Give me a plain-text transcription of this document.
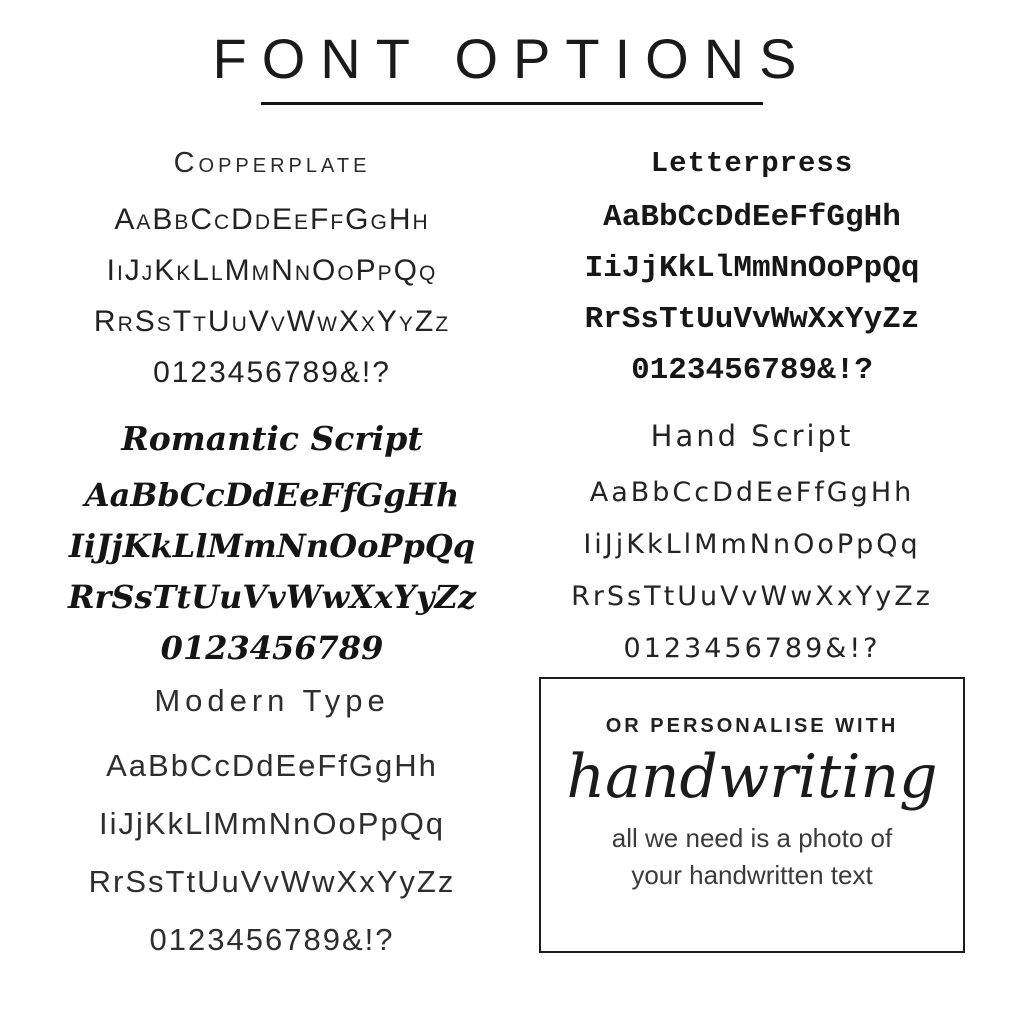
FONT OPTIONS
Copperplate
AaBbCcDdEeFfGgHh
IiJjKkLlMmNnOoPpQq
RrSsTtUuVvWwXxYyZz
0123456789&!?
Letterpress
AaBbCcDdEeFfGgHh
IiJjKkLlMmNnOoPpQq
RrSsTtUuVvWwXxYyZz
0123456789&!?
Romantic Script
AaBbCcDdEeFfGgHh
IiJjKkLlMmNnOoPpQq
RrSsTtUuVvWwXxYyZz
0123456789
Hand Script
AaBbCcDdEeFfGgHh
IiJjKkLlMmNnOoPpQq
RrSsTtUuVvWwXxYyZz
0123456789&!?
Modern Type
AaBbCcDdEeFfGgHh
IiJjKkLlMmNnOoPpQq
RrSsTtUuVvWwXxYyZz
0123456789&!?
OR PERSONALISE WITH
handwriting
all we need is a photo of
your handwritten text
